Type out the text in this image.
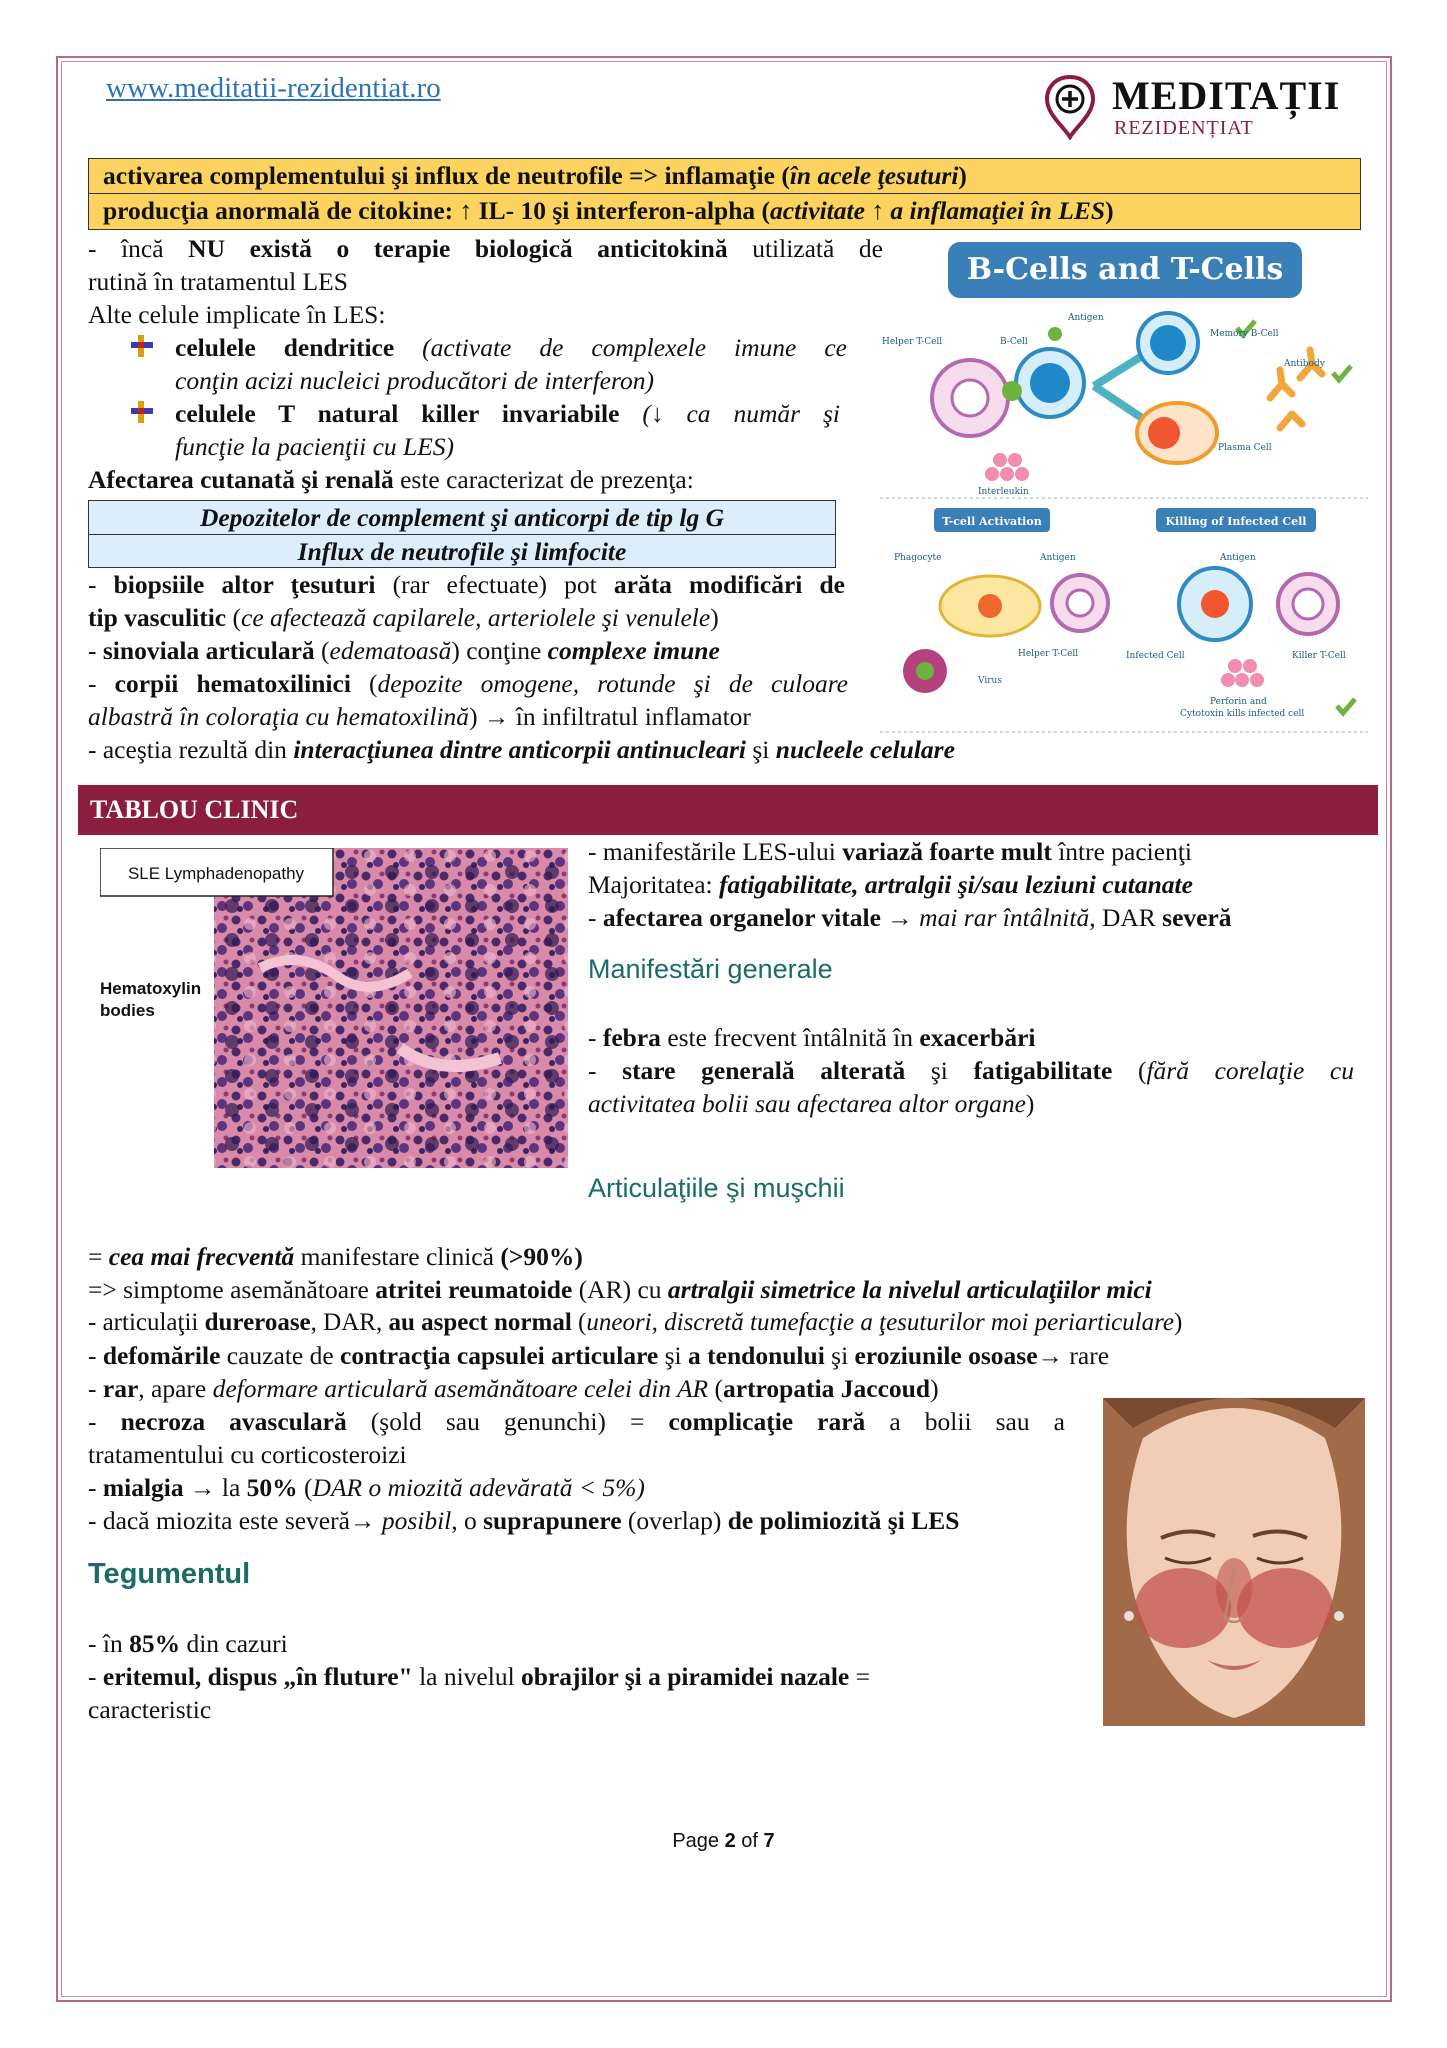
www.meditatii-rezidentiat.ro	MEDITAȚII
REZIDENȚIAT
activarea complementului şi influx de neutrofile => inflamaţie (în acele ţesuturi)
producţia anormală de citokine: ↑ IL- 10 şi interferon-alpha (activitate ↑ a inflamaţiei în LES)
- încă NU există o terapie biologică anticitokină utilizată de
rutină în tratamentul LES
Alte celule implicate în LES:
celulele dendritice (activate de complexele imune ce
conţin acizi nucleici producători de interferon)
celulele T natural killer invariabile (↓ ca număr şi
funcţie la pacienţii cu LES)
Afectarea cutanată şi renală este caracterizat de prezenţa:
Depozitelor de complement şi anticorpi de tip lg G
Influx de neutrofile şi limfocite
- biopsiile altor ţesuturi (rar efectuate) pot arăta modificări de
tip vasculitic (ce afectează capilarele, arteriolele şi venulele)
- sinoviala articulară (edematoasă) conţine complexe imune
- corpii hematoxilinici (depozite omogene, rotunde şi de culoare
albastră în coloraţia cu hematoxilină) → în infiltratul inflamator
- aceştia rezultă din interacţiunea dintre anticorpii antinucleari şi nucleele celulare
B-Cells and T-Cells
Helper T-Cell	B-Cell
Antigen
Memory B-Cell
Antibody
Interleukin
Plasma Cell
T-cell Activation	Killing of Infected Cell
Phagocyte	Antigen	Antigen
Helper T-Cell
Virus
Infected Cell	Killer T-Cell
Perforin and
Cytotoxin kills infected cell
TABLOU CLINIC
SLE Lymphadenopathy
Hematoxylin
bodies
- manifestările LES-ului variază foarte mult între pacienţi
Majoritatea: fatigabilitate, artralgii şi/sau leziuni cutanate
- afectarea organelor vitale → mai rar întâlnită, DAR severă
Manifestări generale
- febra este frecvent întâlnită în exacerbări
- stare generală alterată şi fatigabilitate (fără corelaţie cu
activitatea bolii sau afectarea altor organe)
Articulaţiile şi muşchii
= cea mai frecventă manifestare clinică (>90%)
=> simptome asemănătoare atritei reumatoide (AR) cu artralgii simetrice la nivelul articulaţiilor mici
- articulaţii dureroase, DAR, au aspect normal (uneori, discretă tumefacţie a ţesuturilor moi periarticulare)
- defomările cauzate de contracţia capsulei articulare şi a tendonului şi eroziunile osoase→ rare
- rar, apare deformare articulară asemănătoare celei din AR (artropatia Jaccoud)
- necroza avasculară (şold sau genunchi) = complicaţie rară a bolii sau a
tratamentului cu corticosteroizi
- mialgia → la 50% (DAR o miozită adevărată < 5%)
- dacă miozita este severă→ posibil, o suprapunere (overlap) de polimiozită şi LES
Tegumentul
- în 85% din cazuri
- eritemul, dispus „în fluture" la nivelul obrajilor şi a piramidei nazale =
caracteristic
Page 2 of 7
